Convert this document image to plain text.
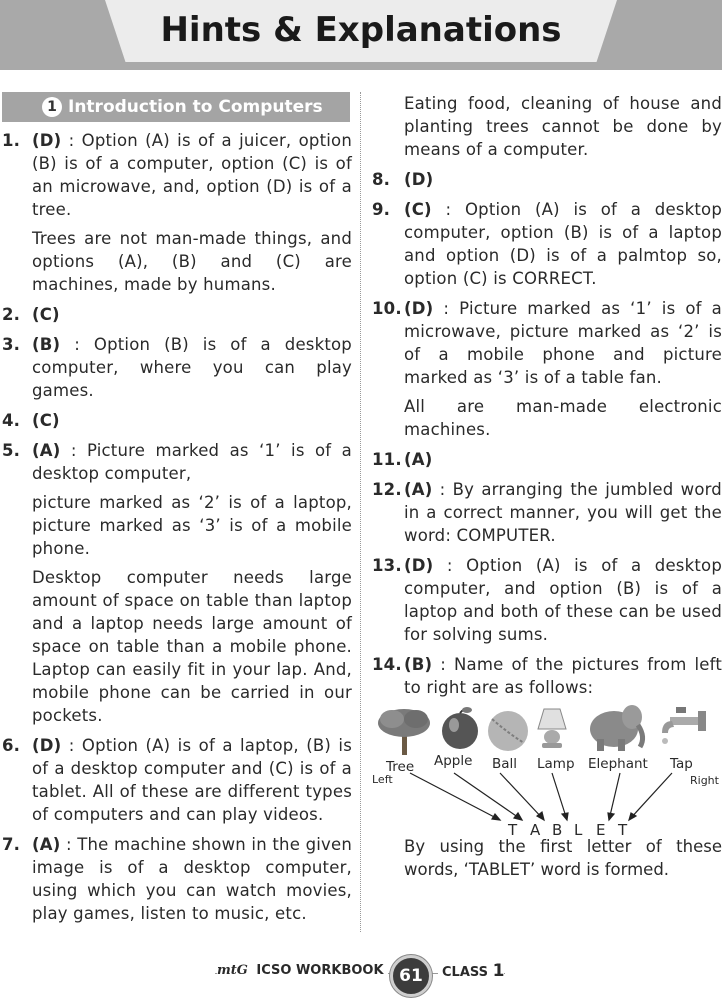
Hints & Explanations
1 Introduction to Computers
1. (D) : Option (A) is of a juicer, option (B) is of a computer, option (C) is of an microwave, and, option (D) is of a tree.

Trees are not man-made things, and options (A), (B) and (C) are machines, made by humans.

2. (C)

3. (B) : Option (B) is of a desktop computer, where you can play games.

4. (C)

5. (A) : Picture marked as ‘1’ is of a desktop computer,

picture marked as ‘2’ is of a laptop, picture marked as ‘3’ is of a mobile phone.

Desktop computer needs large amount of space on table than laptop and a laptop needs large amount of space on table than a mobile phone. Laptop can easily fit in your lap. And, mobile phone can be carried in our pockets.

6. (D) : Option (A) is of a laptop, (B) is of a desktop computer and (C) is of a tablet. All of these are different types of computers and can play videos.

7. (A) : The machine shown in the given image is of a desktop computer, using which you can watch movies, play games, listen to music, etc.

Eating food, cleaning of house and planting trees cannot be done by means of a computer.
8. (D)

9. (C) : Option (A) is of a desktop computer, option (B) is of a laptop and option (D) is of a palmtop so, option (C) is CORRECT.

10. (D) : Picture marked as ‘1’ is of a microwave, picture marked as ‘2’ is of a mobile phone and picture marked as ‘3’ is of a table fan.

All are man-made electronic machines.

11. (A)

12. (A) : By arranging the jumbled word in a correct manner, you will get the word: COMPUTER.

13. (D) : Option (A) is of a desktop computer, and option (B) is of a laptop and both of these can be used for solving sums.

14. (B) : Name of the pictures from left to right are as follows:

Tree Apple Ball Lamp Elephant Tap
Left	Right
T A B L E T
By using the first letter of these words, ‘TABLET’ word is formed.
mtG ICSO WORKBOOK 61	CLASS 1
